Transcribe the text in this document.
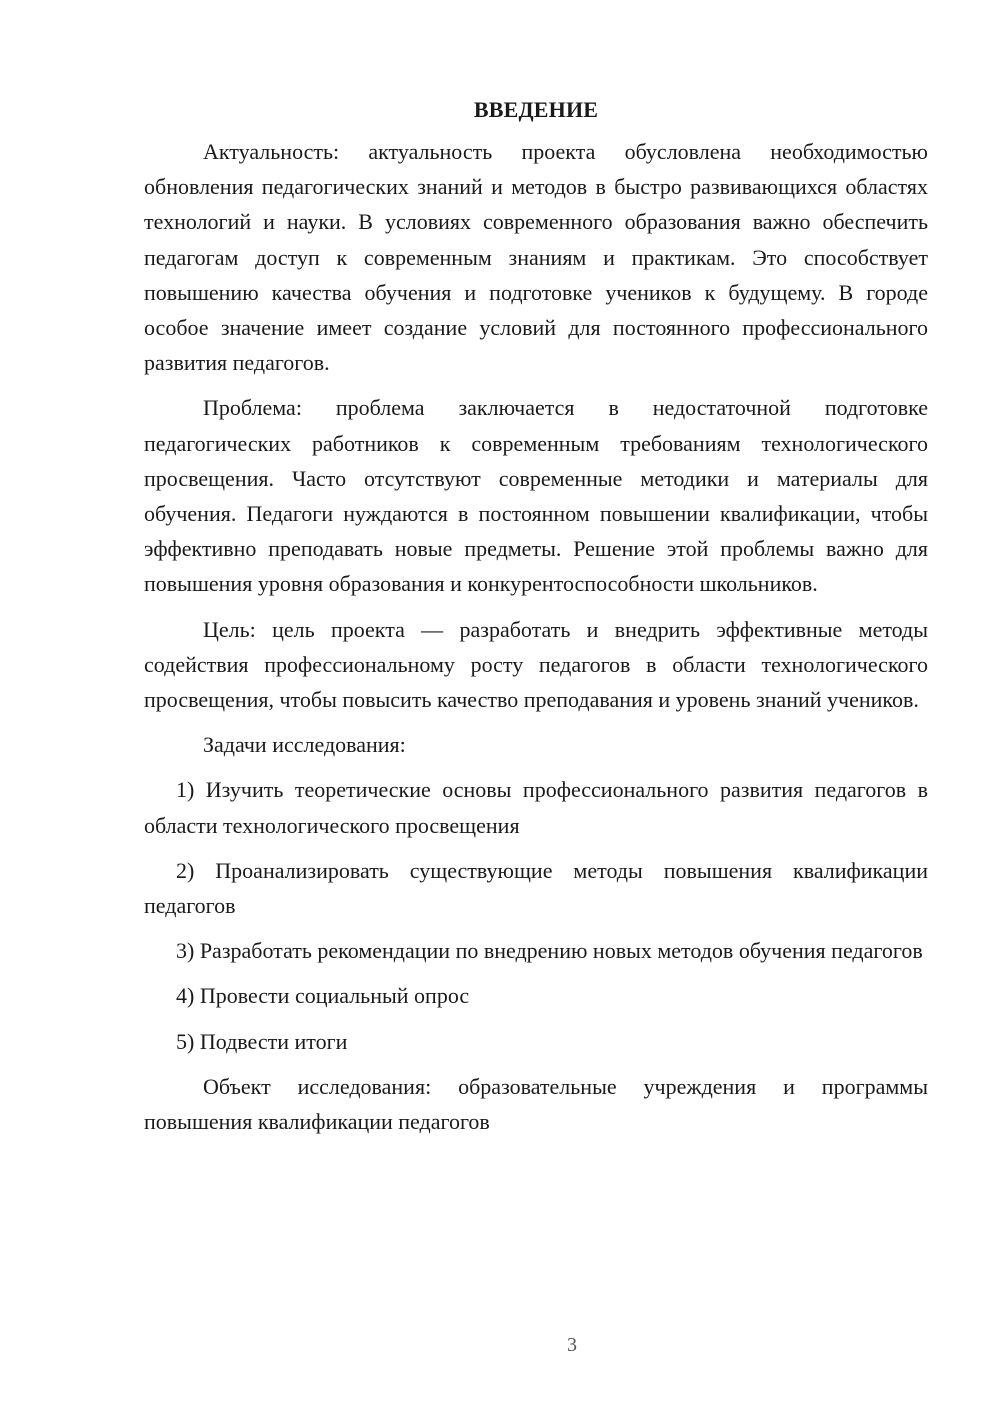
ВВЕДЕНИЕ

Актуальность: актуальность проекта обусловлена необходимостью обновления педагогических знаний и методов в быстро развивающихся областях технологий и науки. В условиях современного образования важно обеспечить педагогам доступ к современным знаниям и практикам. Это способствует повышению качества обучения и подготовке учеников к будущему. В городе особое значение имеет создание условий для постоянного профессионального развития педагогов.

Проблема: проблема заключается в недостаточной подготовке педагогических работников к современным требованиям технологического просвещения. Часто отсутствуют современные методики и материалы для обучения. Педагоги нуждаются в постоянном повышении квалификации, чтобы эффективно преподавать новые предметы. Решение этой проблемы важно для повышения уровня образования и конкурентоспособности школьников.

Цель: цель проекта — разработать и внедрить эффективные методы содействия профессиональному росту педагогов в области технологического просвещения, чтобы повысить качество преподавания и уровень знаний учеников.

Задачи исследования:

1) Изучить теоретические основы профессионального развития педагогов в области технологического просвещения

2) Проанализировать существующие методы повышения квалификации педагогов

3) Разработать рекомендации по внедрению новых методов обучения педагогов

4) Провести социальный опрос

5) Подвести итоги

Объект исследования: образовательные учреждения и программы повышения квалификации педагогов

3
